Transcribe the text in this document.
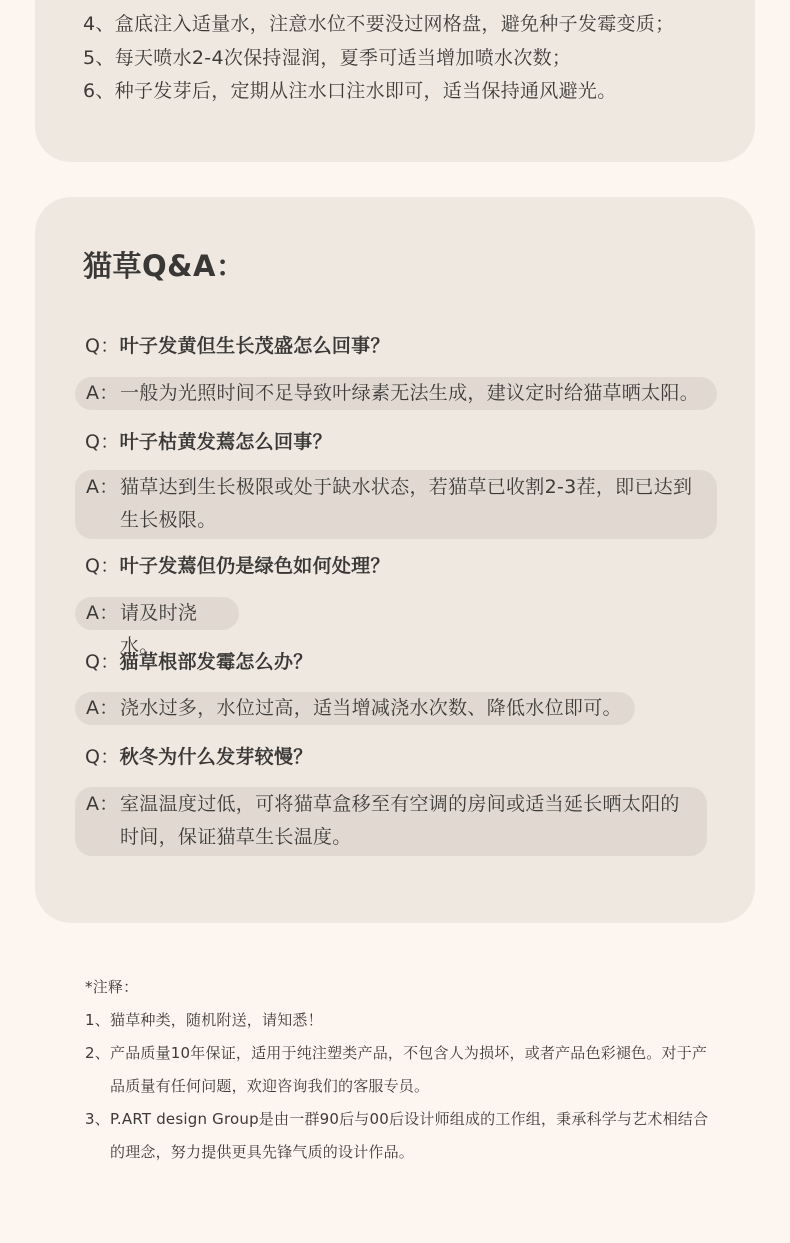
4、盒底注入适量水，注意水位不要没过网格盘，避免种子发霉变质；
5、每天喷水2-4次保持湿润，夏季可适当增加喷水次数；
6、种子发芽后，定期从注水口注水即可，适当保持通风避光。
猫草Q&A：
Q：叶子发黄但生长茂盛怎么回事？
A： 一般为光照时间不足导致叶绿素无法生成，建议定时给猫草晒太阳。
Q：叶子枯黄发蔫怎么回事？
A： 猫草达到生长极限或处于缺水状态，若猫草已收割2-3茬，即已达到生长极限。
Q：叶子发蔫但仍是绿色如何处理？
A： 请及时浇水。
Q：猫草根部发霉怎么办？
A： 浇水过多，水位过高，适当增减浇水次数、降低水位即可。
Q：秋冬为什么发芽较慢？
A： 室温温度过低，可将猫草盒移至有空调的房间或适当延长晒太阳的时间，保证猫草生长温度。
*注释：
1、 猫草种类，随机附送，请知悉！
2、 产品质量10年保证，适用于纯注塑类产品，不包含人为损坏，或者产品色彩褪色。对于产品质量有任何问题，欢迎咨询我们的客服专员。
3、 P.ART design Group是由一群90后与00后设计师组成的工作组，秉承科学与艺术相结合的理念，努力提供更具先锋气质的设计作品。
